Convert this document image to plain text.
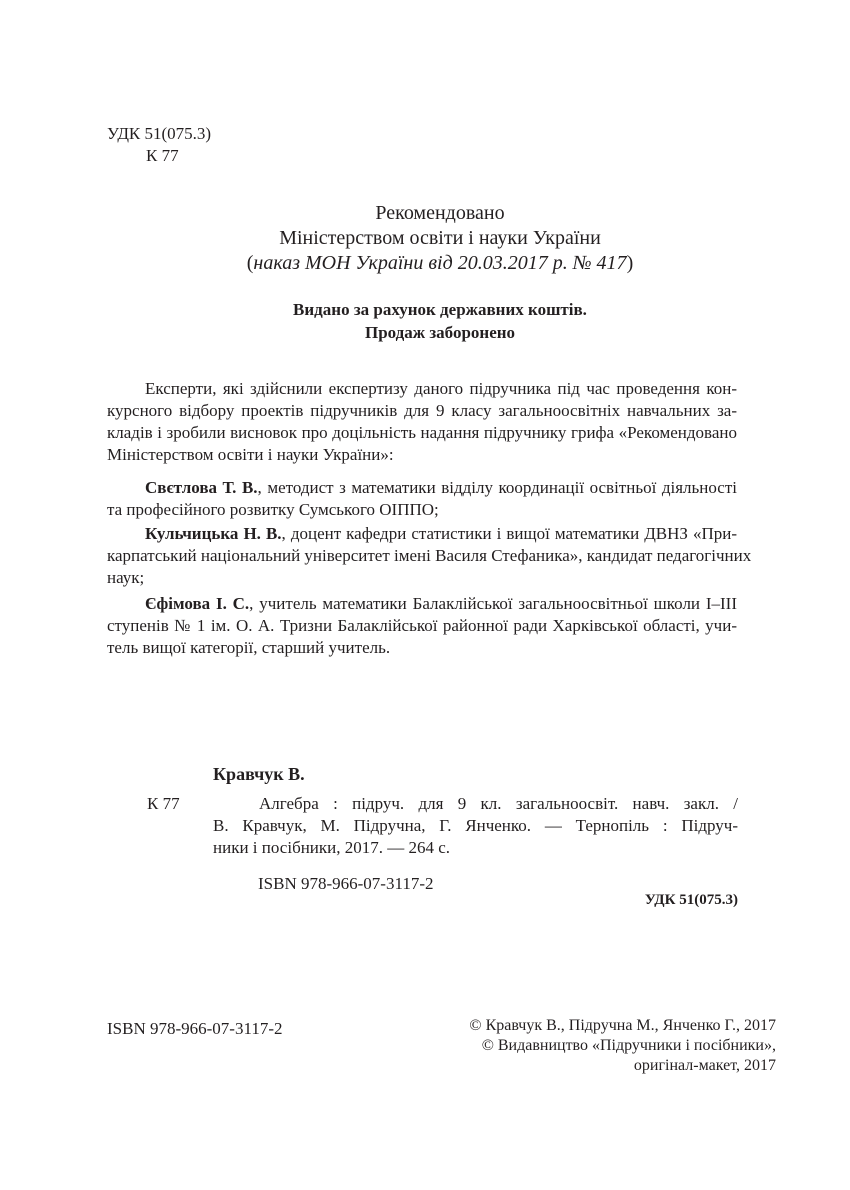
УДК 51(075.3)
К 77
Рекомендовано
Міністерством освіти і науки України
(наказ МОН України від 20.03.2017 р. № 417)
Видано за рахунок державних коштів.
Продаж заборонено
Експерти, які здійснили експертизу даного підручника під час проведення кон-
курсного відбору проектів підручників для 9 класу загальноосвітніх навчальних за-
кладів і зробили висновок про доцільність надання підручнику грифа «Рекомендовано
Міністерством освіти і науки України»:
Свєтлова Т. В., методист з математики відділу координації освітньої діяльності
та професійного розвитку Сумського ОІППО;
Кульчицька Н. В., доцент кафедри статистики і вищої математики ДВНЗ «При-
карпатський національний університет імені Василя Стефаника», кандидат педагогічних
наук;
Єфімова І. С., учитель математики Балаклійської загальноосвітньої школи І–ІІІ
ступенів № 1 ім. О. А. Тризни Балаклійської районної ради Харківської області, учи-
тель вищої категорії, старший учитель.
Кравчук В.
К 77	Алгебра : підруч. для 9 кл. загальноосвіт. навч. закл. /
В. Кравчук, М. Підручна, Г. Янченко. — Тернопіль : Підруч-
ники і посібники, 2017. — 264 с.
ISBN 978-966-07-3117-2
УДК 51(075.3)
ISBN 978-966-07-3117-2	© Кравчук В., Підручна М., Янченко Г., 2017
© Видавництво «Підручники і посібники»,
оригінал-макет, 2017
